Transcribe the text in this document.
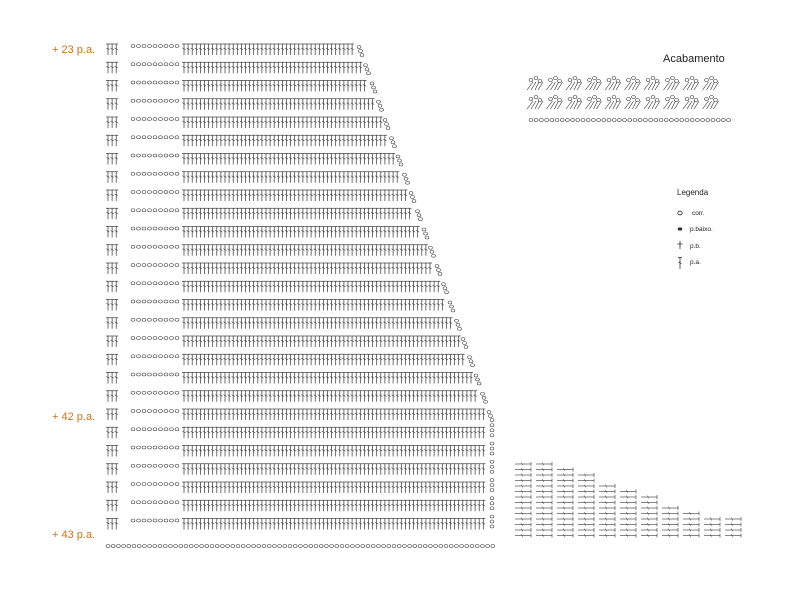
+ 23 p.a.
+ 42 p.a.
+ 43 p.a.
Acabamento
Legenda
corr.
p.baixo.
p.b.
p.a.
